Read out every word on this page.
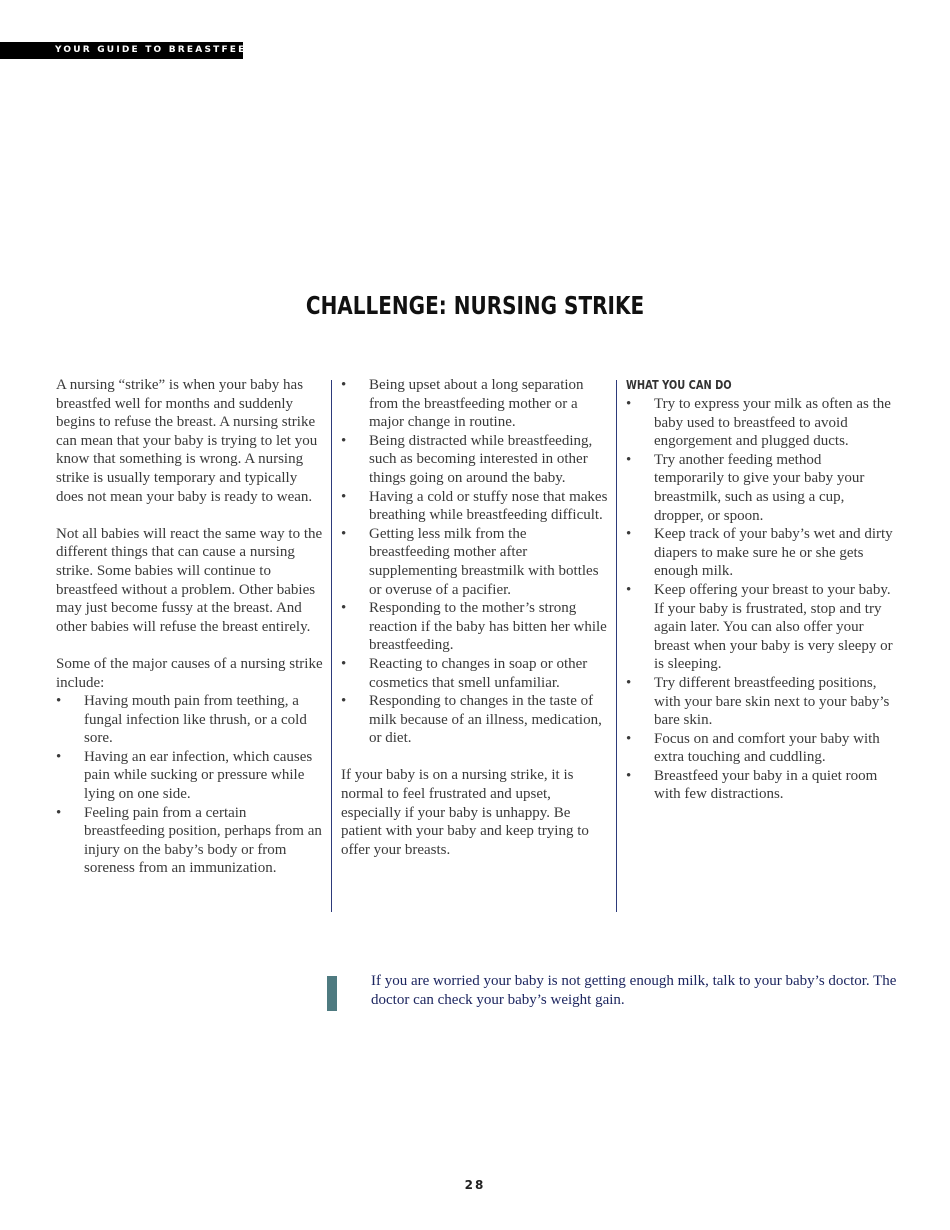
YOUR GUIDE TO BREASTFEEDING
CHALLENGE: NURSING STRIKE

A nursing “strike” is when your baby has breastfed well for months and suddenly begins to refuse the breast. A nursing strike can mean that your baby is trying to let you know that something is wrong. A nursing strike is usually temporary and typically does not mean your baby is ready to wean.

Not all babies will react the same way to the different things that can cause a nursing strike. Some babies will continue to breastfeed without a problem. Other babies may just become fussy at the breast. And other babies will refuse the breast entirely.

Some of the major causes of a nursing strike include:

• Having mouth pain from teething, a fungal infection like thrush, or a cold sore.
• Having an ear infection, which causes pain while sucking or pressure while lying on one side.
• Feeling pain from a certain breastfeeding position, perhaps from an injury on the baby’s body or from soreness from an immunization.
• Being upset about a long separation from the breastfeeding mother or a major change in routine.
• Being distracted while breastfeeding, such as becoming interested in other things going on around the baby.
• Having a cold or stuffy nose that makes breathing while breastfeeding difficult.
• Getting less milk from the breastfeeding mother after supplementing breastmilk with bottles or overuse of a pacifier.
• Responding to the mother’s strong reaction if the baby has bitten her while breastfeeding.
• Reacting to changes in soap or other cosmetics that smell unfamiliar.
• Responding to changes in the taste of milk because of an illness, medication, or diet.

If your baby is on a nursing strike, it is normal to feel frustrated and upset, especially if your baby is unhappy. Be patient with your baby and keep trying to offer your breasts.

WHAT YOU CAN DO
• Try to express your milk as often as the baby used to breastfeed to avoid engorgement and plugged ducts.
• Try another feeding method temporarily to give your baby your breastmilk, such as using a cup, dropper, or spoon.
• Keep track of your baby’s wet and dirty diapers to make sure he or she gets enough milk.
• Keep offering your breast to your baby. If your baby is frustrated, stop and try again later. You can also offer your breast when your baby is very sleepy or is sleeping.
• Try different breastfeeding positions, with your bare skin next to your baby’s bare skin.
• Focus on and comfort your baby with extra touching and cuddling.
• Breastfeed your baby in a quiet room with few distractions.
If you are worried your baby is not getting enough milk, talk to your baby’s doctor. The doctor can check your baby’s weight gain.
28
